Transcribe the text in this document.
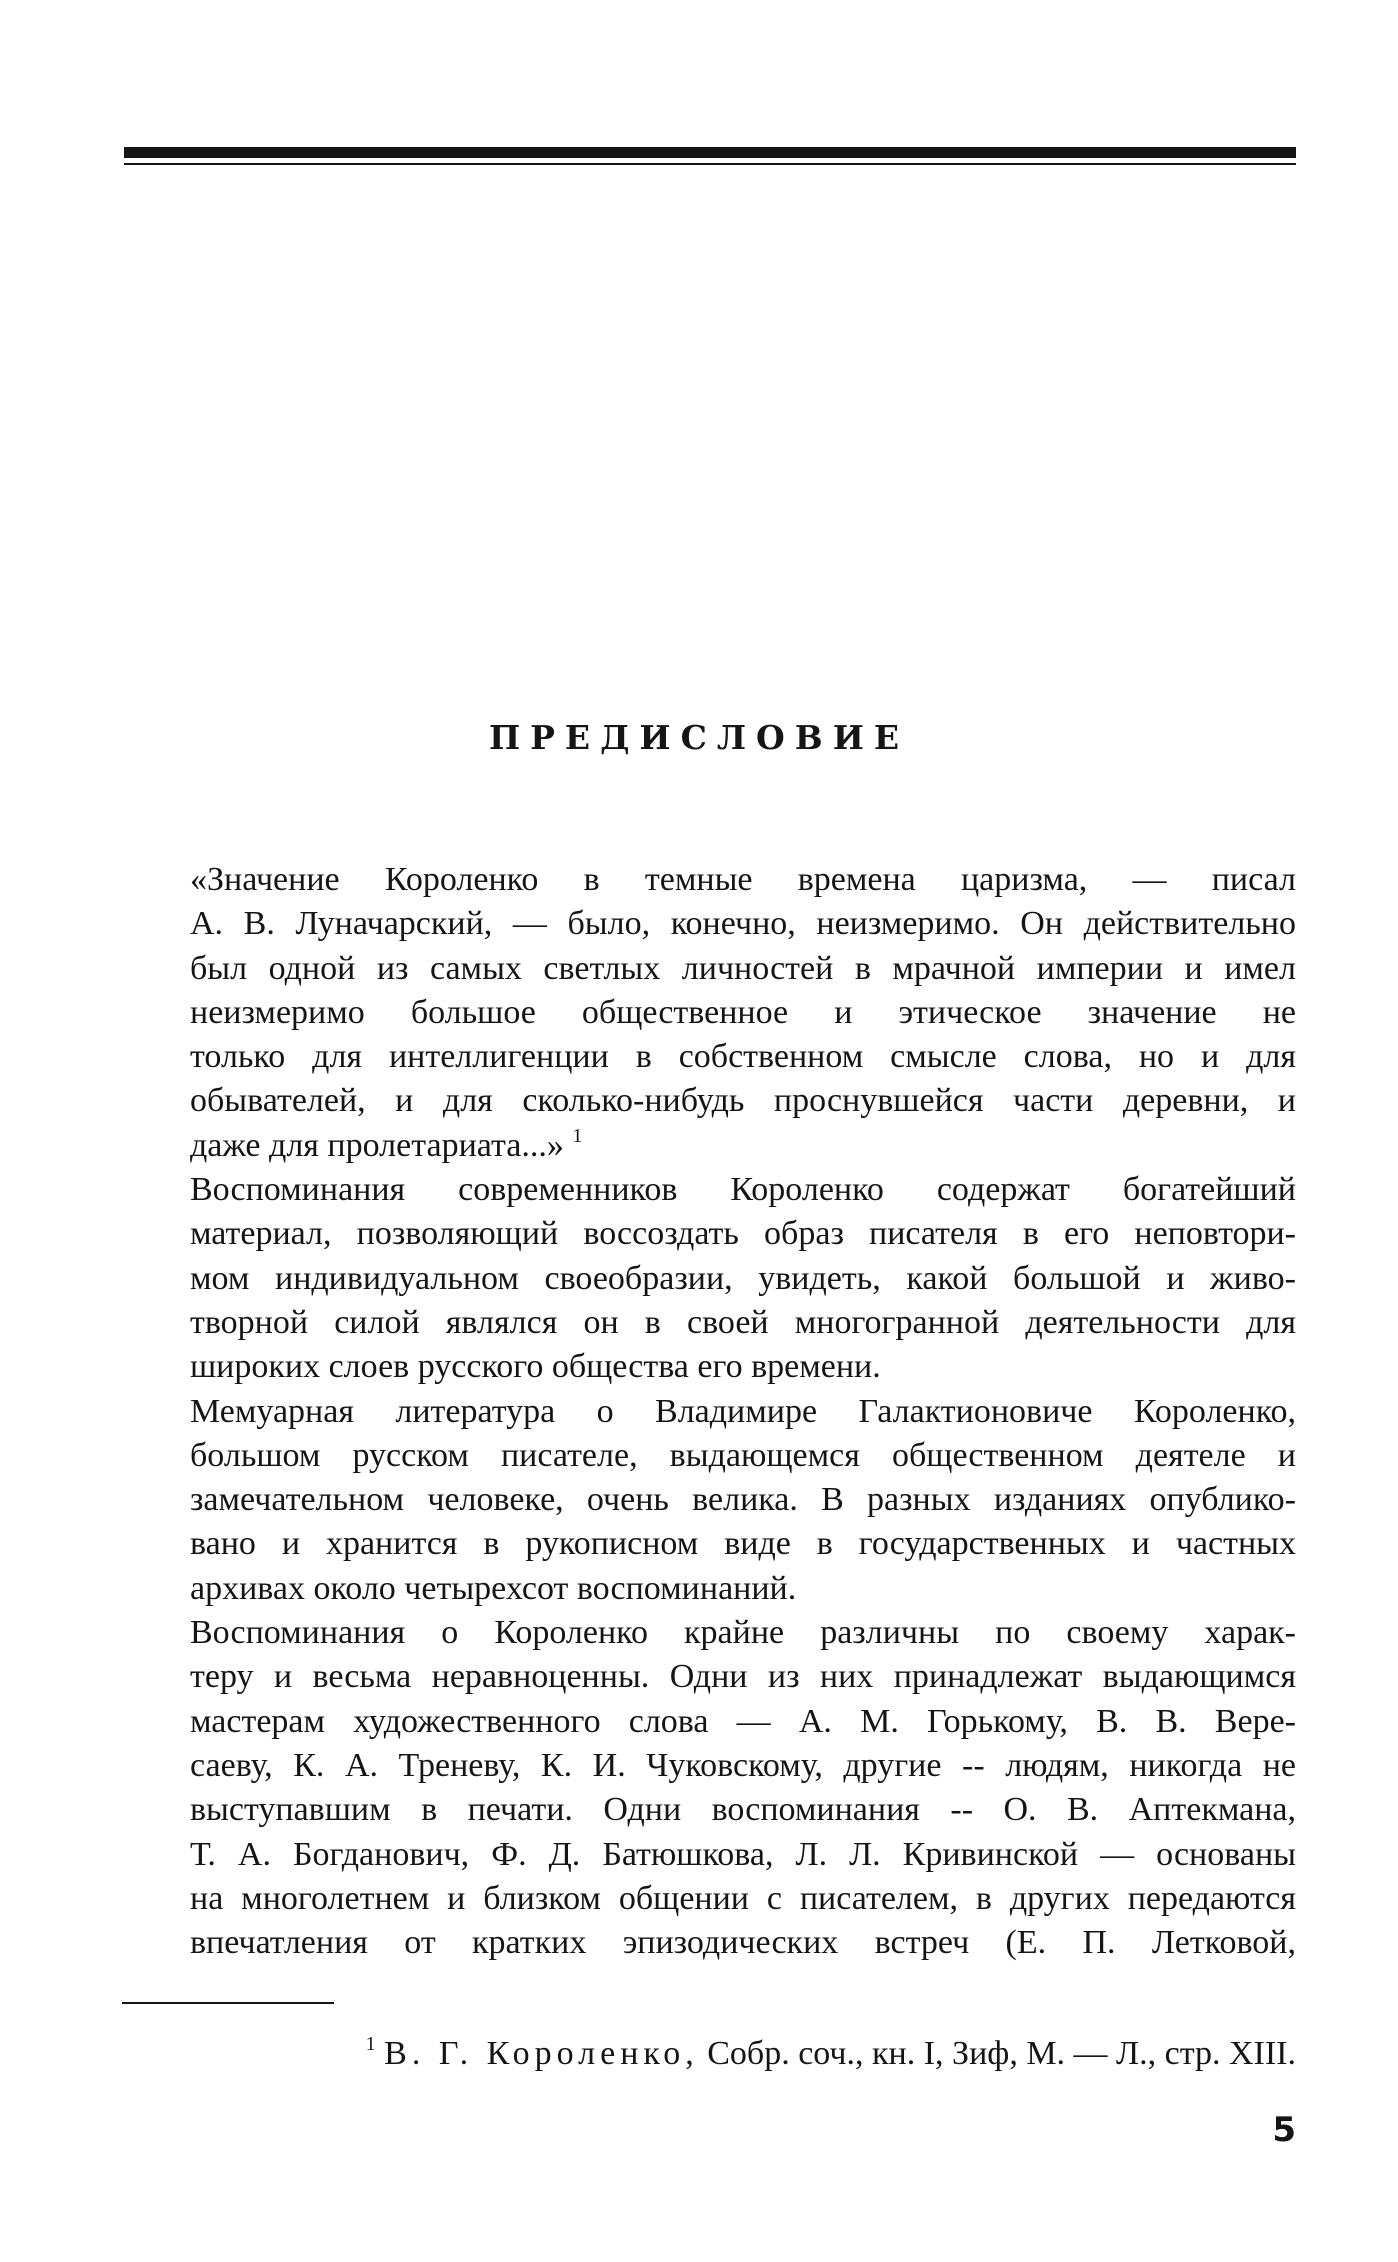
ПРЕДИСЛОВИЕ

«Значение Короленко в темные времена царизма, — писал
А. В. Луначарский, — было, конечно, неизмеримо. Он действительно
был одной из самых светлых личностей в мрачной империи и имел
неизмеримо большое общественное и этическое значение не
только для интеллигенции в собственном смысле слова, но и для
обывателей, и для сколько-нибудь проснувшейся части деревни, и
даже для пролетариата...» $^1$

Воспоминания современников Короленко содержат богатейший
материал, позволяющий воссоздать образ писателя в его неповтори-
мом индивидуальном своеобразии, увидеть, какой большой и живо-
творной силой являлся он в своей многогранной деятельности для
широких слоев русского общества его времени.

Мемуарная литература о Владимире Галактионовиче Короленко,
большом русском писателе, выдающемся общественном деятеле и
замечательном человеке, очень велика. В разных изданиях опублико-
вано и хранится в рукописном виде в государственных и частных
архивах около четырехсот воспоминаний.

Воспоминания о Короленко крайне различны по своему харак-
теру и весьма неравноценны. Одни из них принадлежат выдающимся
мастерам художественного слова — А. М. Горькому, В. В. Вере-
саеву, К. А. Треневу, К. И. Чуковскому, другие -- людям, никогда не
выступавшим в печати. Одни воспоминания -- О. В. Аптекмана,
Т. А. Богданович, Ф. Д. Батюшкова, Л. Л. Кривинской — основаны
на многолетнем и близком общении с писателем, в других передаются
впечатления от кратких эпизодических встреч (Е. П. Летковой,

$^1$ В. Г. Короленко, Собр. соч., кн. I, Зиф, М. — Л., стр. XIII.
5
